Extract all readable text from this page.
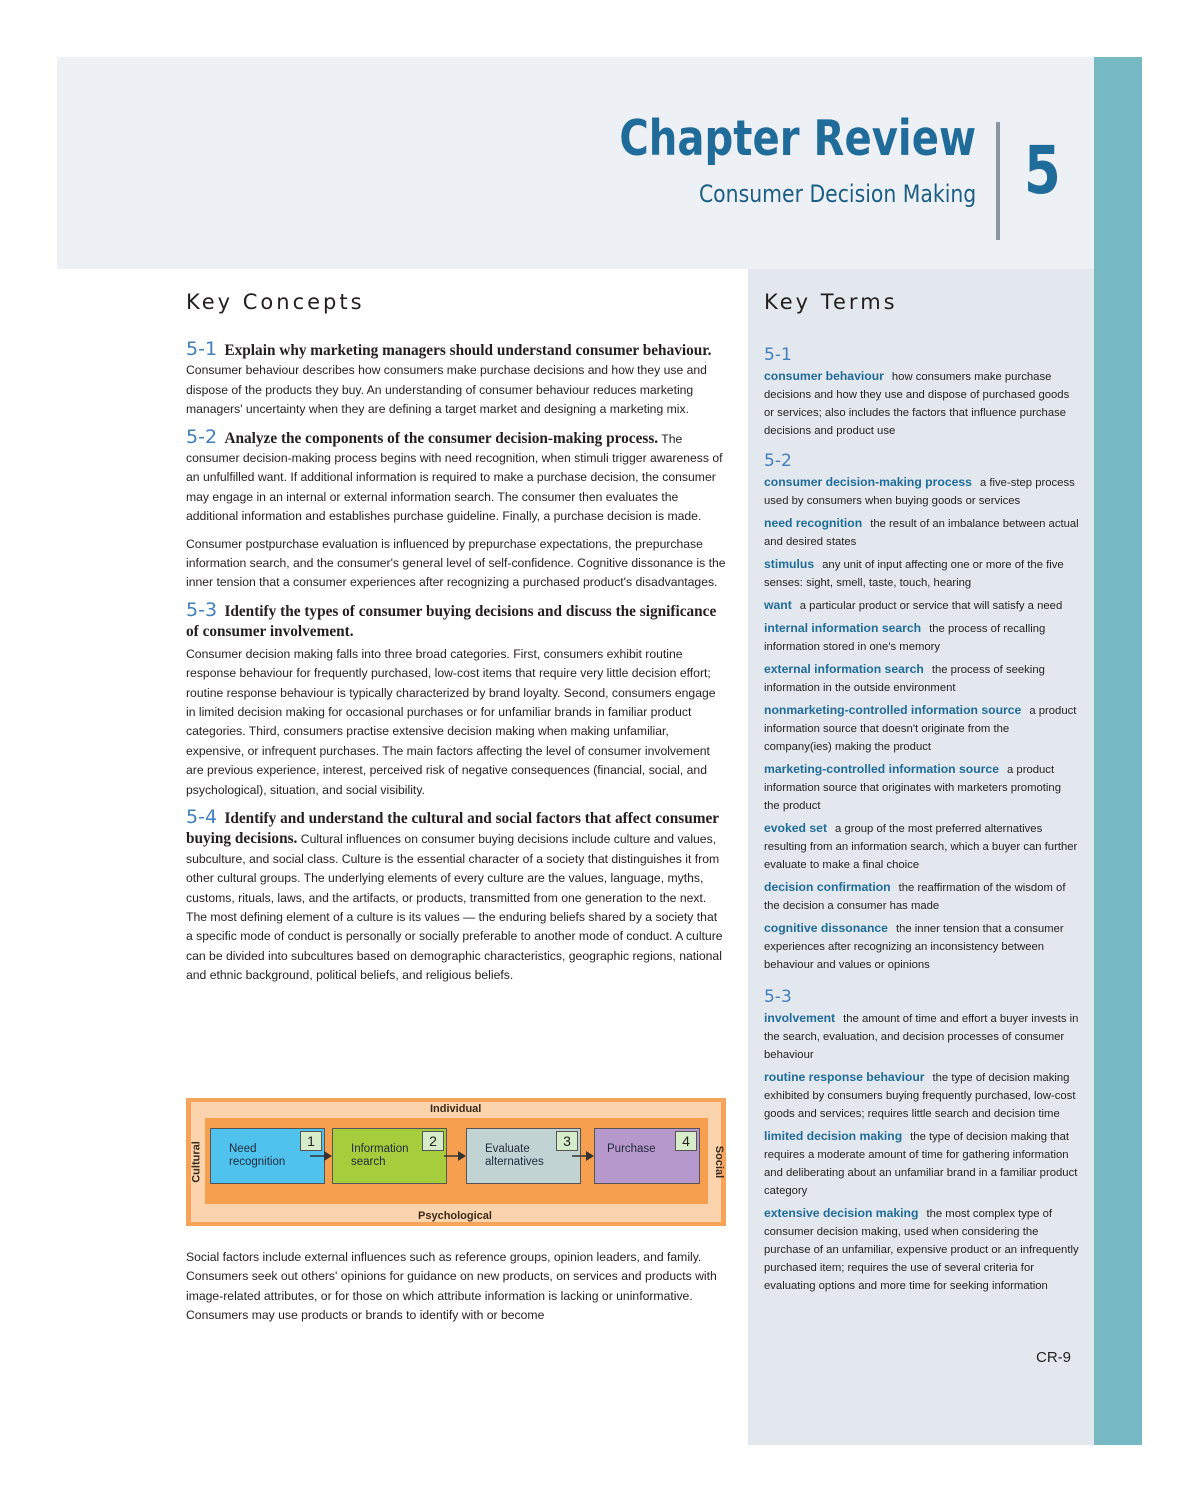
Chapter Review
Consumer Decision Making 5
Key Concepts	Key Terms
5-1 Explain why marketing managers should understand consumer behaviour. Consumer behaviour describes how consumers make purchase decisions and how they use and dispose of the products they buy. An understanding of consumer behaviour reduces marketing managers' uncertainty when they are defining a target market and designing a marketing mix.
5-2 Analyze the components of the consumer decision-making process. The consumer decision-making process begins with need recognition, when stimuli trigger awareness of an unfulfilled want. If additional information is required to make a purchase decision, the consumer may engage in an internal or external information search. The consumer then evaluates the additional information and establishes purchase guideline. Finally, a purchase decision is made.
Consumer postpurchase evaluation is influenced by prepurchase expectations, the prepurchase information search, and the consumer's general level of self-confidence. Cognitive dissonance is the inner tension that a consumer experiences after recognizing a purchased product's disadvantages.
5-3 Identify the types of consumer buying decisions and discuss the significance of consumer involvement.
Consumer decision making falls into three broad categories. First, consumers exhibit routine response behaviour for frequently purchased, low-cost items that require very little decision effort; routine response behaviour is typically characterized by brand loyalty. Second, consumers engage in limited decision making for occasional purchases or for unfamiliar brands in familiar product categories. Third, consumers practise extensive decision making when making unfamiliar, expensive, or infrequent purchases. The main factors affecting the level of consumer involvement are previous experience, interest, perceived risk of negative consequences (financial, social, and psychological), situation, and social visibility.
5-4 Identify and understand the cultural and social factors that affect consumer buying decisions. Cultural influences on consumer buying decisions include culture and values, subculture, and social class. Culture is the essential character of a society that distinguishes it from other cultural groups. The underlying elements of every culture are the values, language, myths, customs, rituals, laws, and the artifacts, or products, transmitted from one generation to the next. The most defining element of a culture is its values — the enduring beliefs shared by a society that a specific mode of conduct is personally or socially preferable to another mode of conduct. A culture can be divided into subcultures based on demographic characteristics, geographic regions, national and ethnic background, political beliefs, and religious beliefs.
Individual
Psychological
Cultural	Social
1
Need
recognition
2
Information
search
3
Evaluate
alternatives
4
Purchase
Social factors include external influences such as reference groups, opinion leaders, and family. Consumers seek out others' opinions for guidance on new products, on services and products with image-related attributes, or for those on which attribute information is lacking or uninformative. Consumers may use products or brands to identify with or become
5-1
consumer behaviour how consumers make purchase decisions and how they use and dispose of purchased goods or services; also includes the factors that influence purchase decisions and product use
5-2
consumer decision-making process a five-step process used by consumers when buying goods or services
need recognition the result of an imbalance between actual and desired states
stimulus any unit of input affecting one or more of the five senses: sight, smell, taste, touch, hearing
want a particular product or service that will satisfy a need
internal information search the process of recalling information stored in one's memory
external information search the process of seeking information in the outside environment
nonmarketing-controlled information source a product information source that doesn't originate from the company(ies) making the product
marketing-controlled information source a product information source that originates with marketers promoting the product
evoked set a group of the most preferred alternatives resulting from an information search, which a buyer can further evaluate to make a final choice
decision confirmation the reaffirmation of the wisdom of the decision a consumer has made
cognitive dissonance the inner tension that a consumer experiences after recognizing an inconsistency between behaviour and values or opinions
5-3
involvement the amount of time and effort a buyer invests in the search, evaluation, and decision processes of consumer behaviour
routine response behaviour the type of decision making exhibited by consumers buying frequently purchased, low-cost goods and services; requires little search and decision time
limited decision making the type of decision making that requires a moderate amount of time for gathering information and deliberating about an unfamiliar brand in a familiar product category
extensive decision making the most complex type of consumer decision making, used when considering the purchase of an unfamiliar, expensive product or an infrequently purchased item; requires the use of several criteria for evaluating options and more time for seeking information
CR-9
